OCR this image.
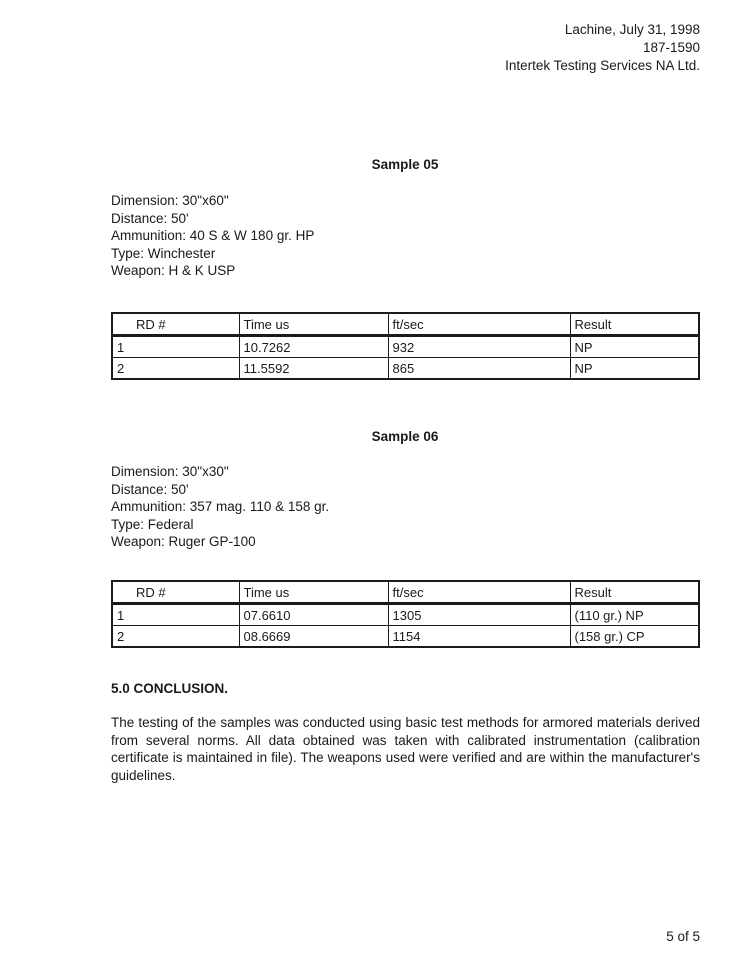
Lachine, July 31, 1998
187-1590
Intertek Testing Services NA Ltd.
Sample 05
Dimension: 30"x60"
Distance: 50'
Ammunition: 40 S & W 180 gr. HP
Type: Winchester
Weapon: H & K USP
RD #	Time us	ft/sec	Result
1	10.7262	932	NP
2	11.5592	865	NP
Sample 06
Dimension: 30"x30"
Distance: 50'
Ammunition: 357 mag. 110 & 158 gr.
Type: Federal
Weapon: Ruger GP-100
RD #	Time us	ft/sec	Result
1	07.6610	1305	(110 gr.) NP
2	08.6669	1154	(158 gr.) CP
5.0 CONCLUSION.
The testing of the samples was conducted using basic test methods for armored materials derived from several norms. All data obtained was taken with calibrated instrumentation (calibration certificate is maintained in file). The weapons used were verified and are within the manufacturer's guidelines.
5 of 5
